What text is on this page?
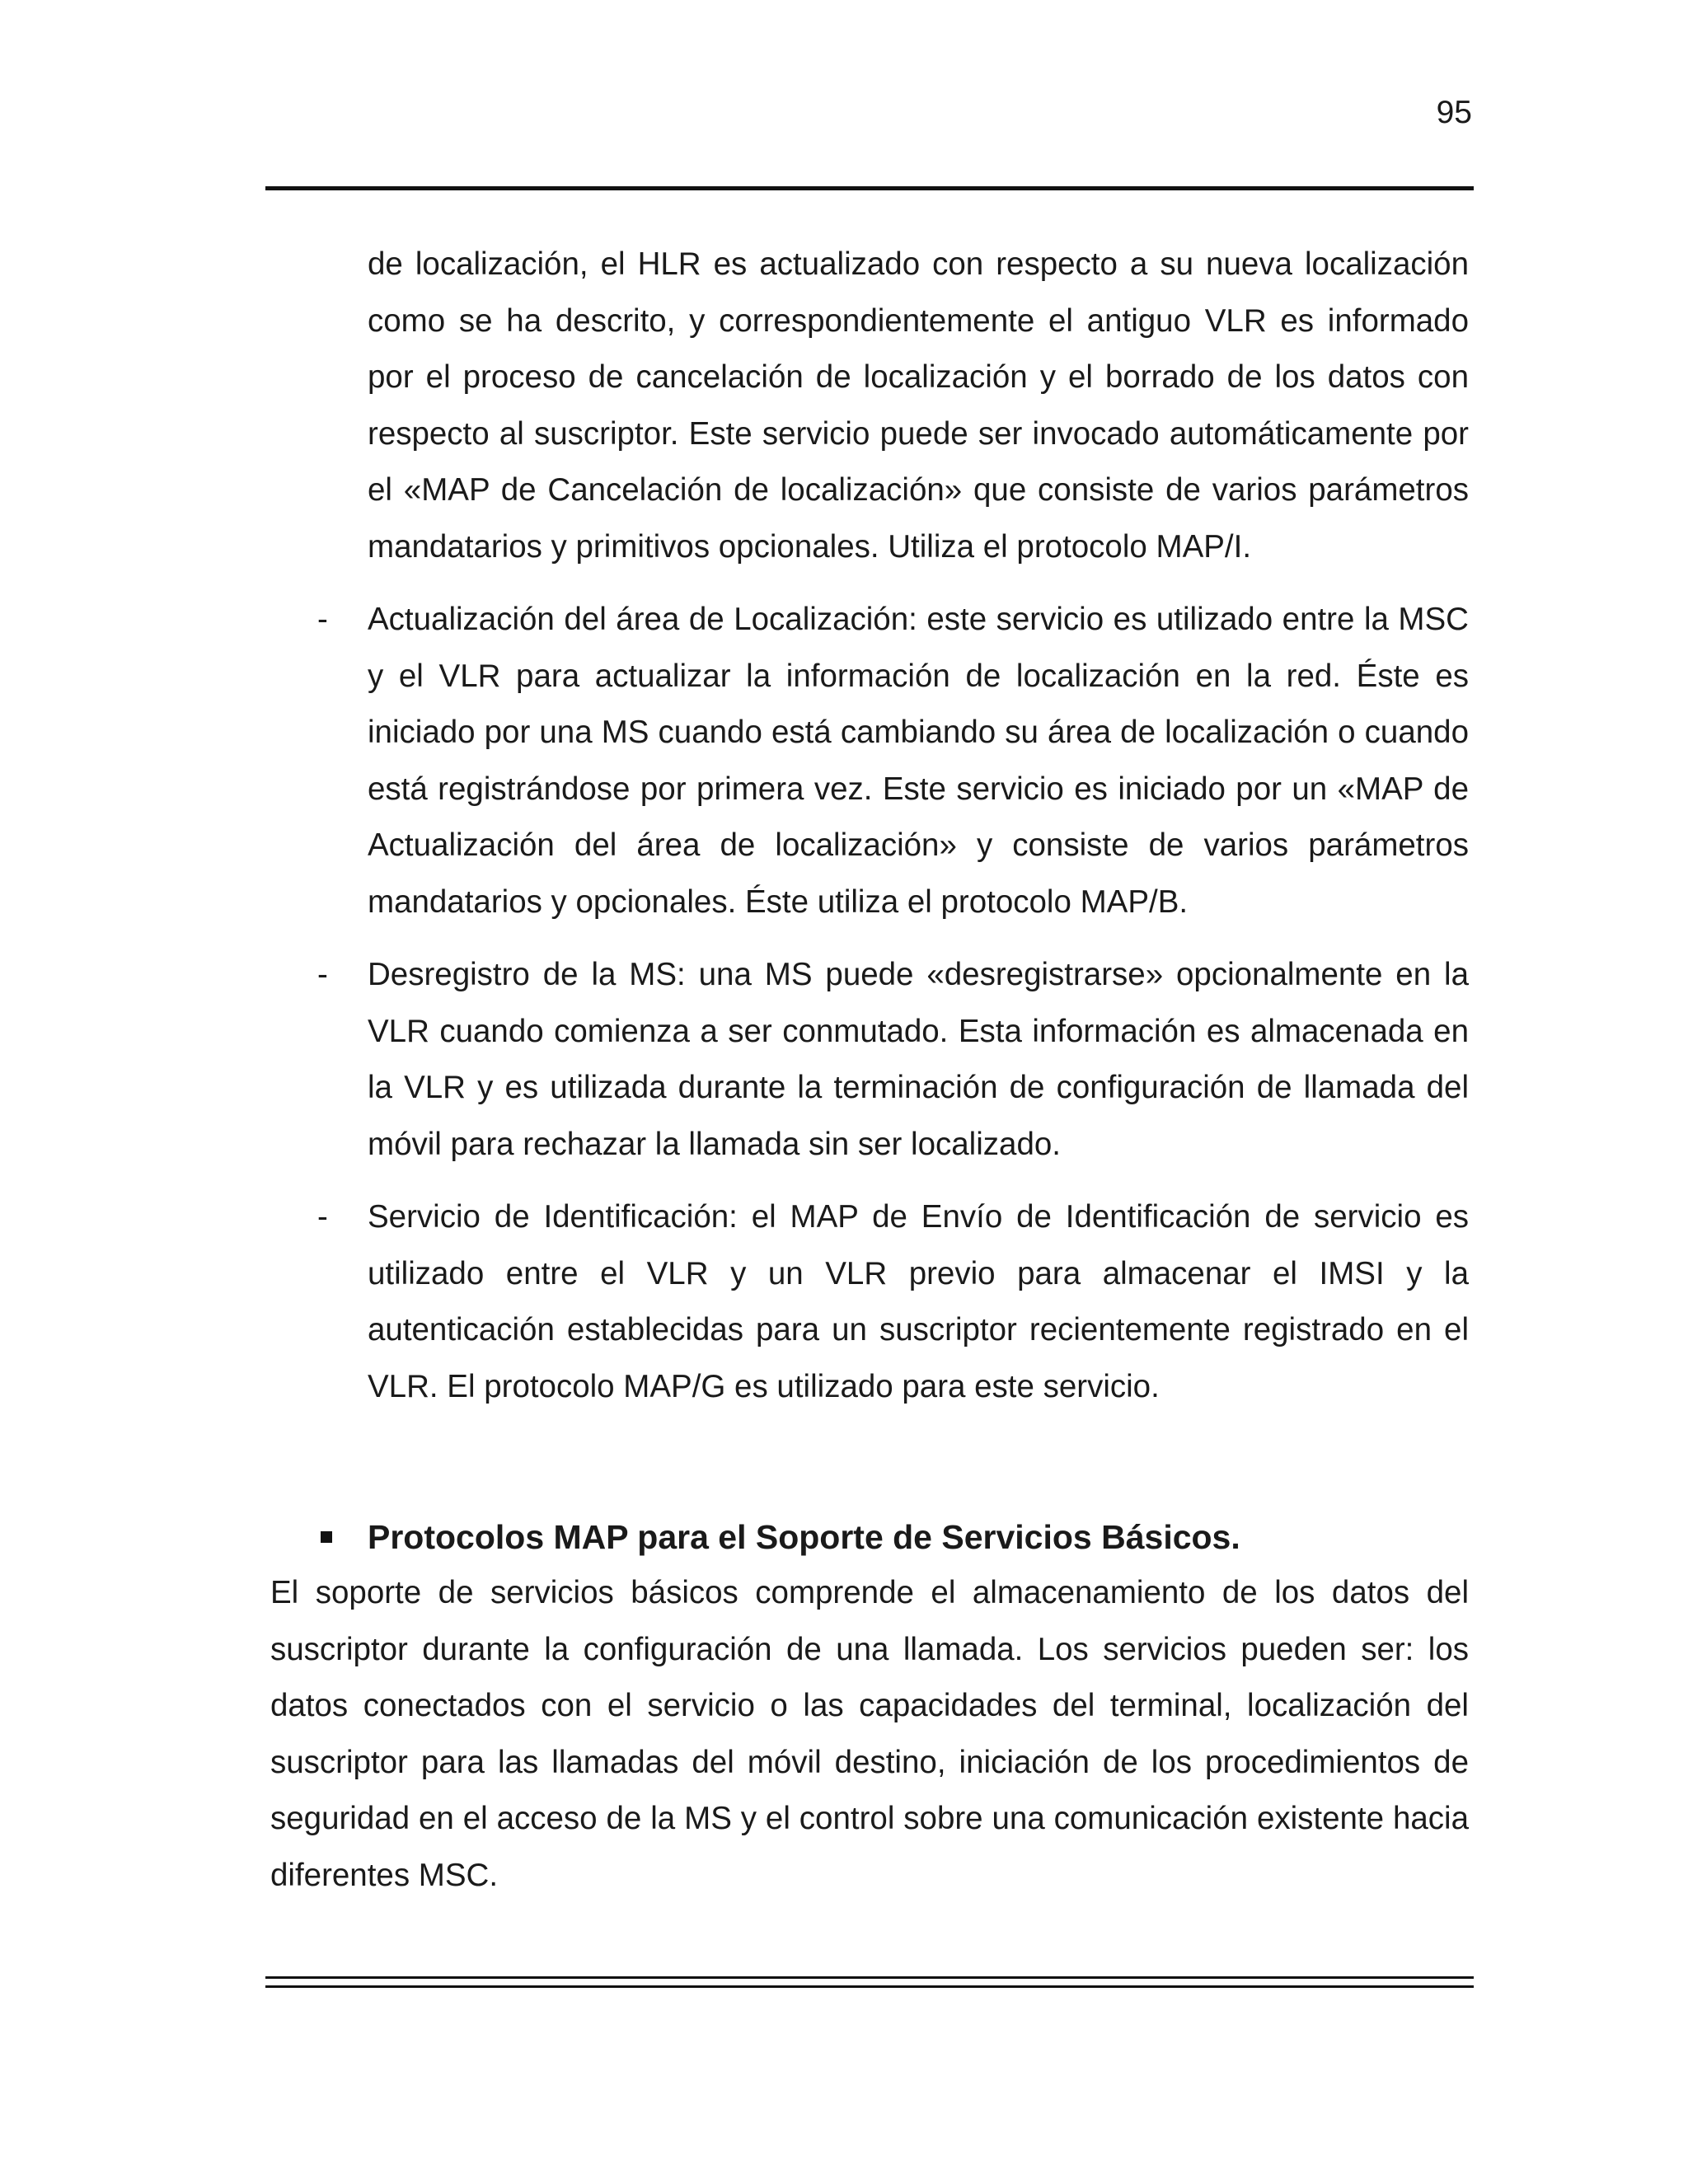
95

de localización, el HLR es actualizado con respecto a su nueva localización como se ha descrito, y correspondientemente el antiguo VLR es informado por el proceso de cancelación de localización y el borrado de los datos con respecto al suscriptor. Este servicio puede ser invocado automáticamente por el «MAP de Cancelación de localización» que consiste de varios parámetros mandatarios y primitivos opcionales. Utiliza el protocolo MAP/I.

- Actualización del área de Localización: este servicio es utilizado entre la MSC y el VLR para actualizar la información de localización en la red. Éste es iniciado por una MS cuando está cambiando su área de localización o cuando está registrándose por primera vez. Este servicio es iniciado por un «MAP de Actualización del área de localización» y consiste de varios parámetros mandatarios y opcionales. Éste utiliza el protocolo MAP/B.

- Desregistro de la MS: una MS puede «desregistrarse» opcionalmente en la VLR cuando comienza a ser conmutado. Esta información es almacenada en la VLR y es utilizada durante la terminación de configuración de llamada del móvil para rechazar la llamada sin ser localizado.

- Servicio de Identificación: el MAP de Envío de Identificación de servicio es utilizado entre el VLR y un VLR previo para almacenar el IMSI y la autenticación establecidas para un suscriptor recientemente registrado en el VLR. El protocolo MAP/G es utilizado para este servicio.

Protocolos MAP para el Soporte de Servicios Básicos.

El soporte de servicios básicos comprende el almacenamiento de los datos del suscriptor durante la configuración de una llamada. Los servicios pueden ser: los datos conectados con el servicio o las capacidades del terminal, localización del suscriptor para las llamadas del móvil destino, iniciación de los procedimientos de seguridad en el acceso de la MS y el control sobre una comunicación existente hacia diferentes MSC.
